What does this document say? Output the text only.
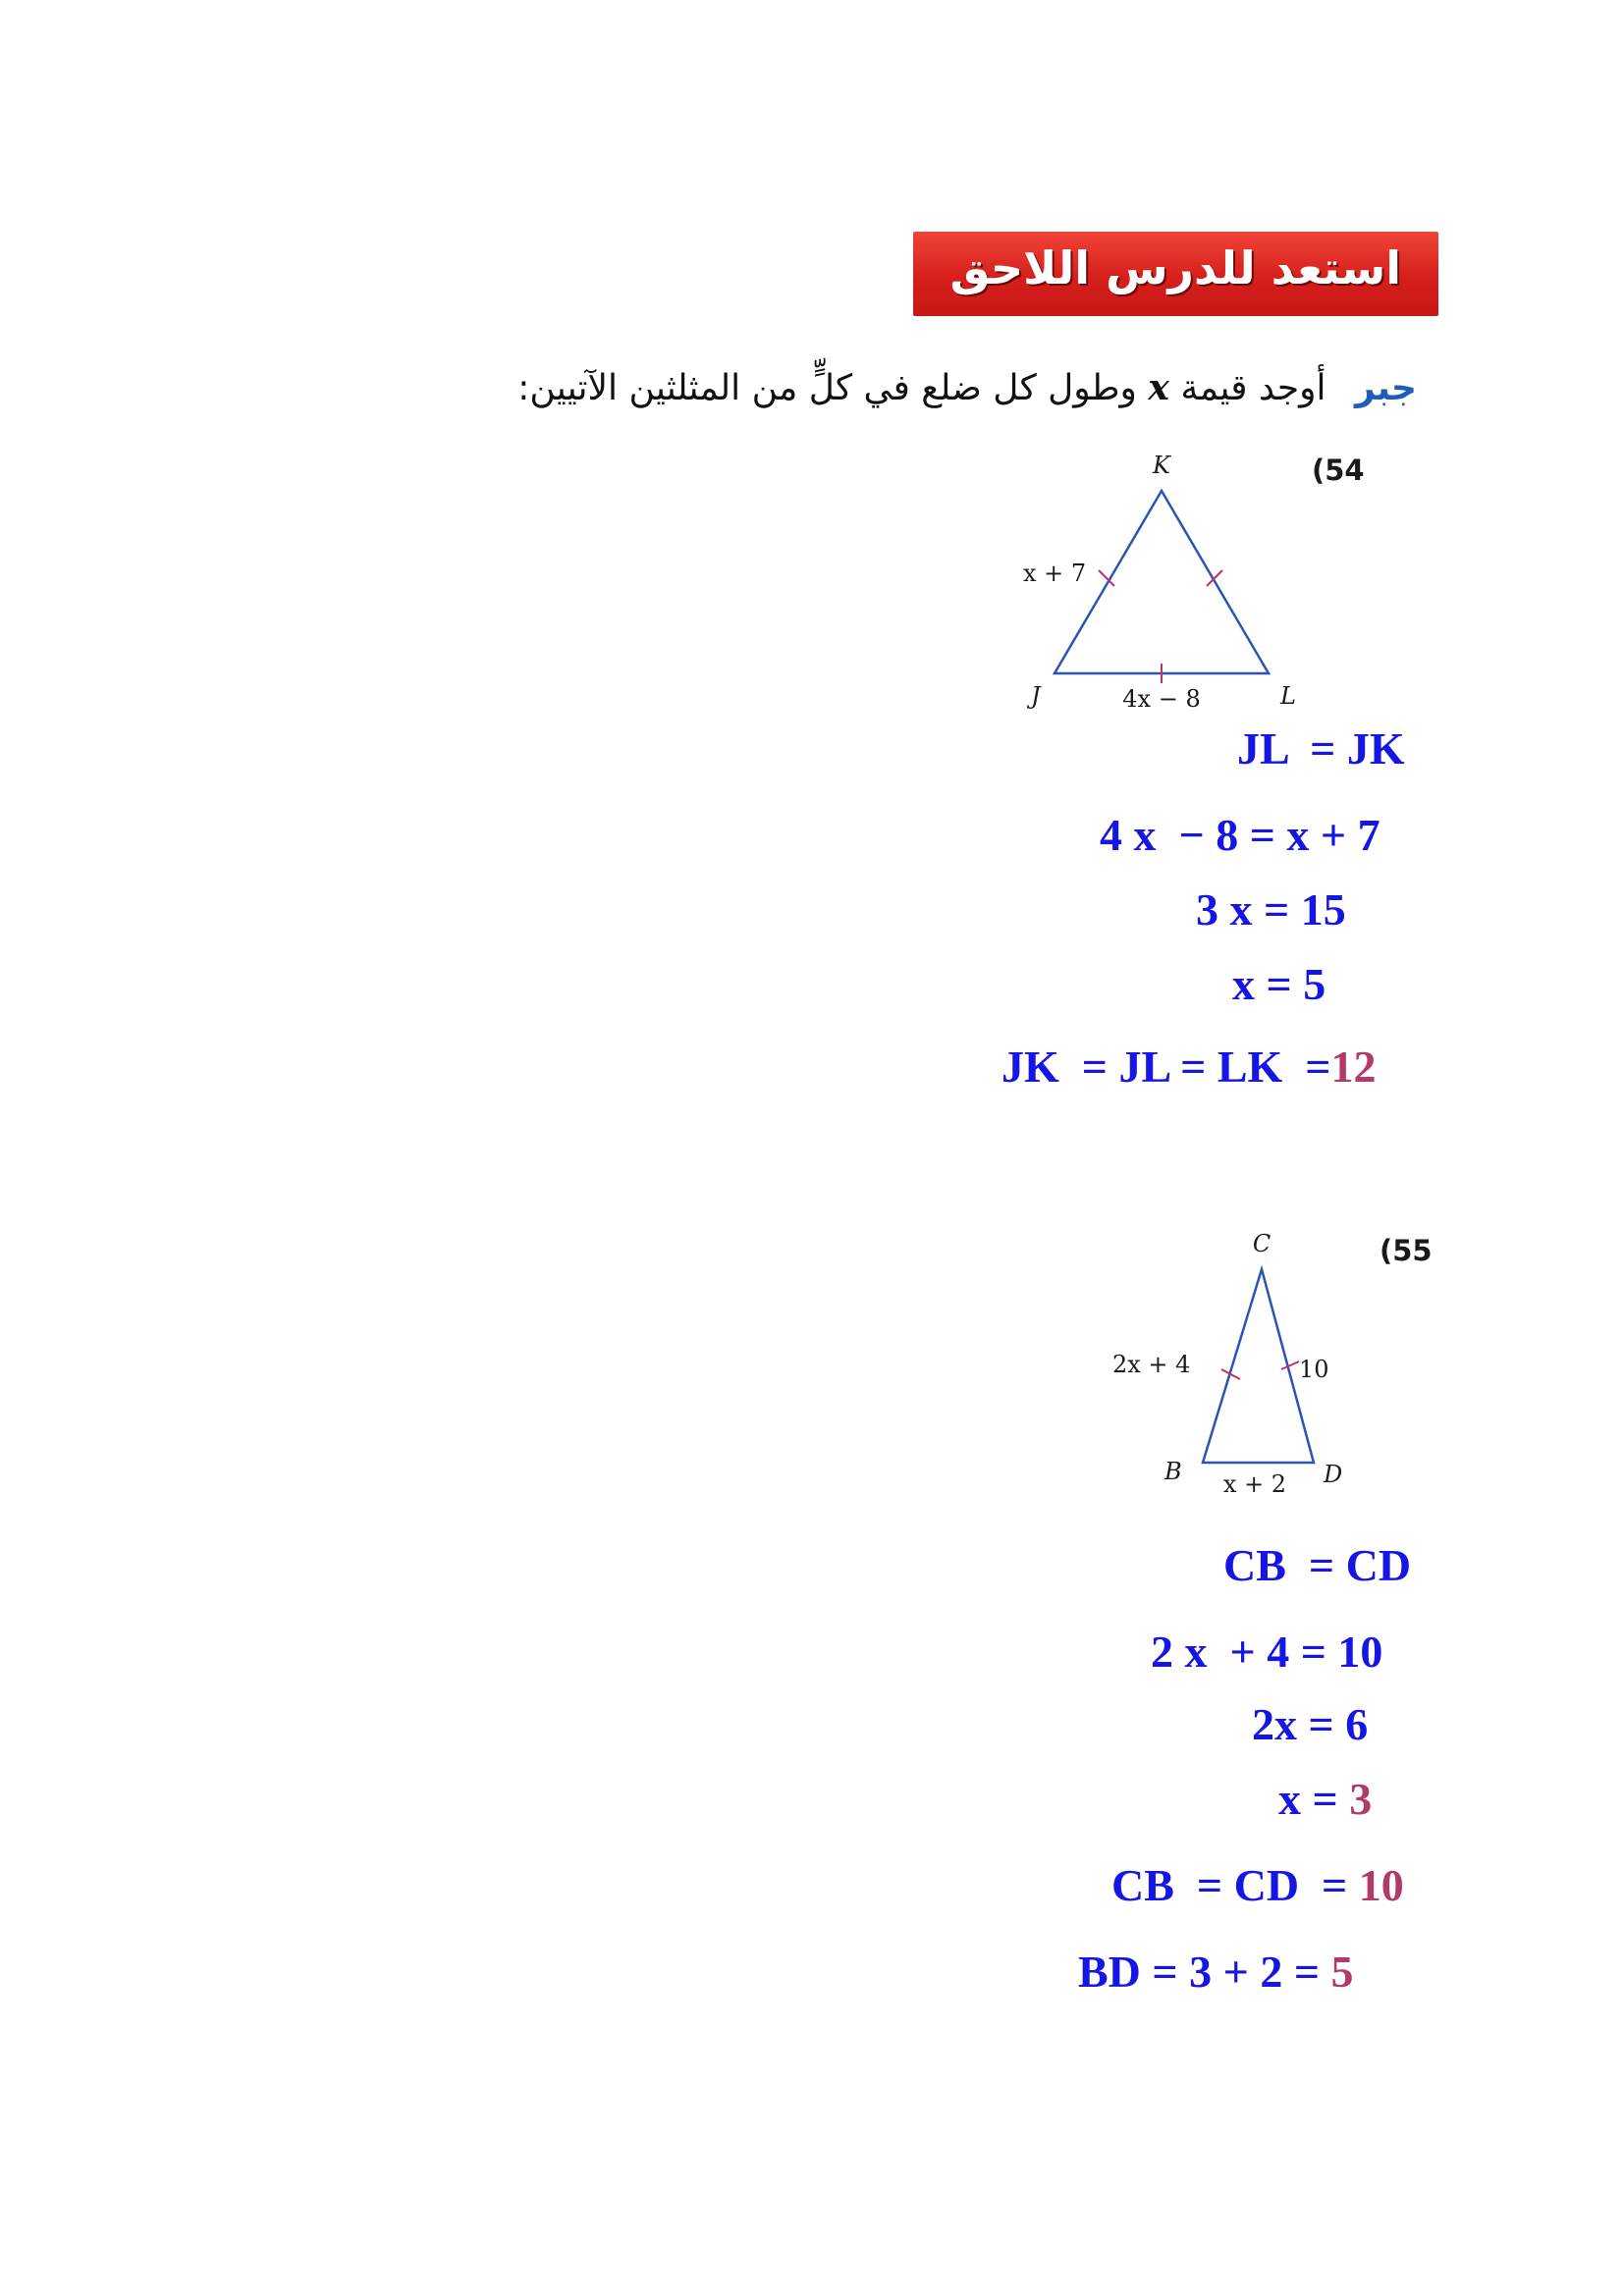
استعد للدرس اللاحق
جبر أوجد قيمة x وطول كل ضلع في كلٍّ من المثلثين الآتيين:
(54
K
J	L
x + 7
4x − 8
JL  = JK
4 x  − 8 = x + 7
3 x = 15
x = 5
JK  = JL = LK  =12
(55
C
B	D
2x + 4	10
x + 2
CB  = CD
2 x  + 4 = 10
2x = 6
x = 3
CB  = CD  = 10
BD = 3 + 2 = 5
